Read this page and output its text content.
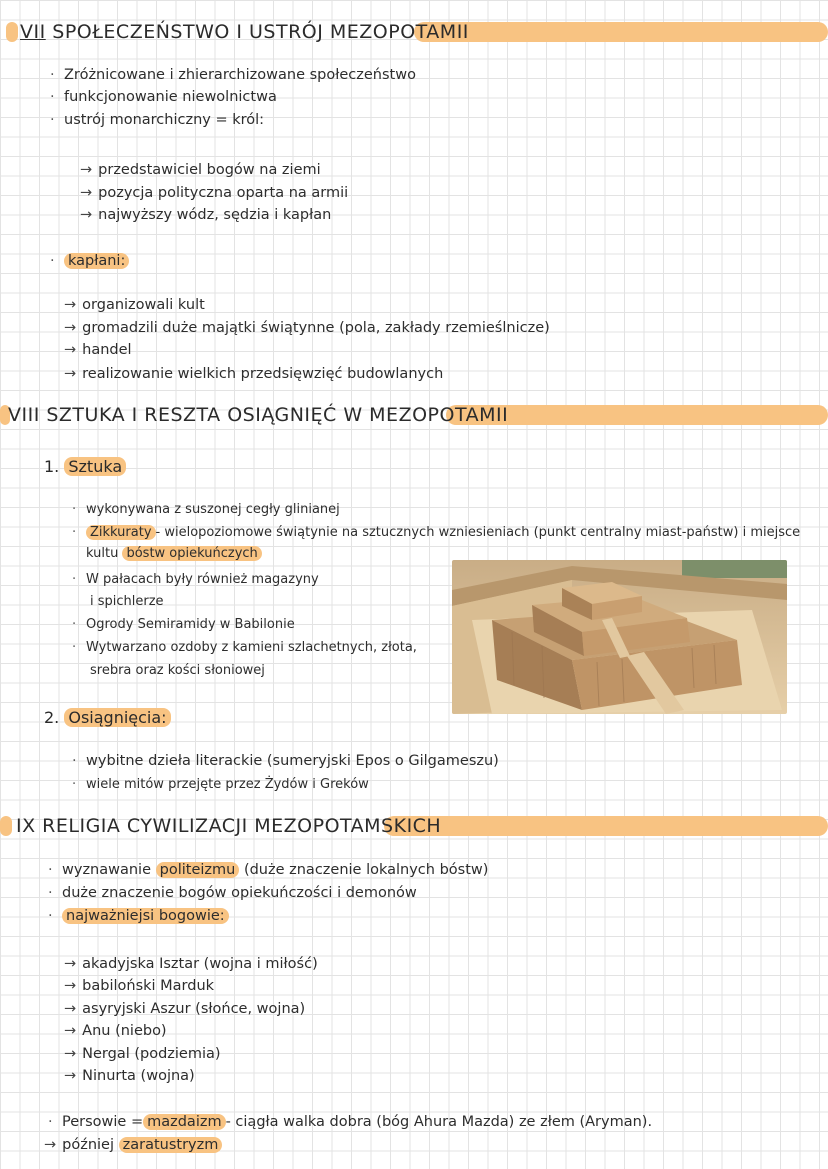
VII SPOŁECZEŃSTWO I USTRÓJ MEZOPOTAMII
· Zróżnicowane i zhierarchizowane społeczeństwo
· funkcjonowanie niewolnictwa
· ustrój monarchiczny = król:
→ przedstawiciel bogów na ziemi
→ pozycja polityczna oparta na armii
→ najwyższy wódz, sędzia i kapłan
· kapłani:
→ organizowali kult
→ gromadzili duże majątki świątynne (pola, zakłady rzemieślnicze)
→ handel
→ realizowanie wielkich przedsięwzięć budowlanych
VIII SZTUKA I RESZTA OSIĄGNIĘĆ W MEZOPOTAMII
1. Sztuka
· wykonywana z suszonej cegły glinianej
· Zikkuraty - wielopoziomowe świątynie na sztucznych wzniesieniach (punkt centralny miast-państw) i miejsce
kultu bóstw opiekuńczych
· W pałacach były również magazyny
i spichlerze
· Ogrody Semiramidy w Babilonie
· Wytwarzano ozdoby z kamieni szlachetnych, złota,
srebra oraz kości słoniowej
2. Osiągnięcia:
· wybitne dzieła literackie (sumeryjski Epos o Gilgameszu)
· wiele mitów przejęte przez Żydów i Greków
IX RELIGIA CYWILIZACJI MEZOPOTAMSKICH
· wyznawanie politeizmu (duże znaczenie lokalnych bóstw)
· duże znaczenie bogów opiekuńczości i demonów
· najważniejsi bogowie:
→ akadyjska Isztar (wojna i miłość)
→ babiloński Marduk
→ asyryjski Aszur (słońce, wojna)
→ Anu (niebo)
→ Nergal (podziemia)
→ Ninurta (wojna)
· Persowie = mazdaizm - ciągła walka dobra (bóg Ahura Mazda) ze złem (Aryman).
→ później zaratustryzm
